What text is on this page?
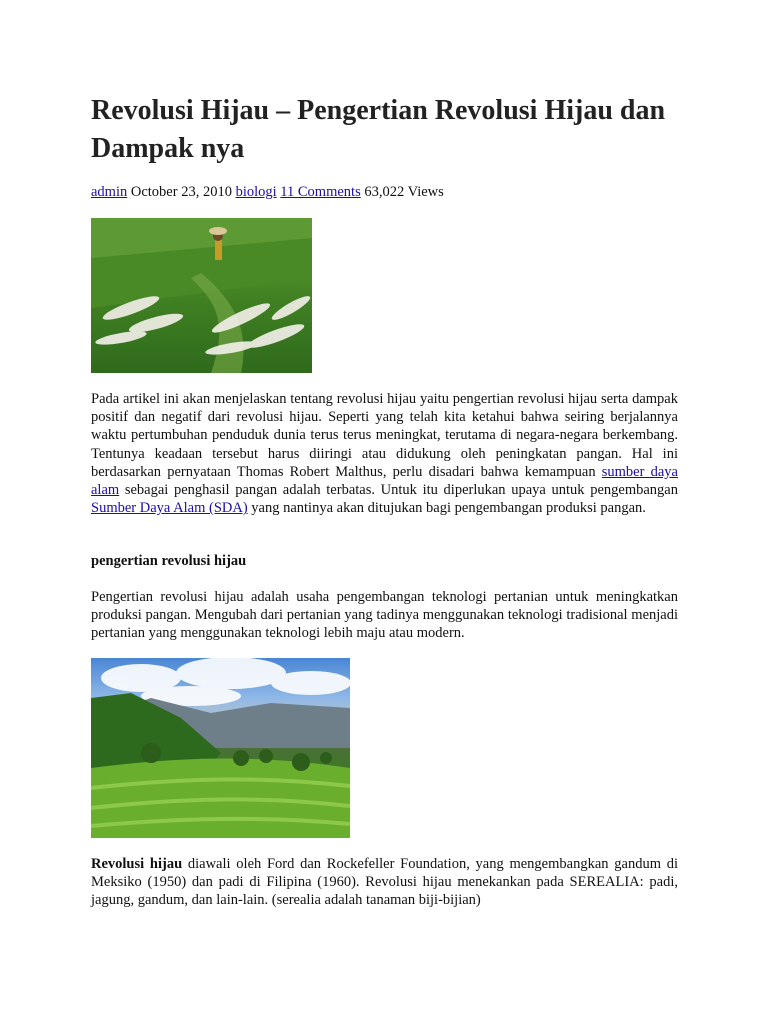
Revolusi Hijau – Pengertian Revolusi Hijau dan Dampak nya
admin October 23, 2010 biologi 11 Comments 63,022 Views

Pada artikel ini akan menjelaskan tentang revolusi hijau yaitu pengertian revolusi hijau serta dampak positif dan negatif dari revolusi hijau. Seperti yang telah kita ketahui bahwa seiring berjalannya waktu pertumbuhan penduduk dunia terus terus meningkat, terutama di negara-negara berkembang. Tentunya keadaan tersebut harus diiringi atau didukung oleh peningkatan pangan. Hal ini berdasarkan pernyataan Thomas Robert Malthus, perlu disadari bahwa kemampuan sumber daya alam sebagai penghasil pangan adalah terbatas. Untuk itu diperlukan upaya untuk pengembangan Sumber Daya Alam (SDA) yang nantinya akan ditujukan bagi pengembangan produksi pangan.

pengertian revolusi hijau

Pengertian revolusi hijau adalah usaha pengembangan teknologi pertanian untuk meningkatkan produksi pangan. Mengubah dari pertanian yang tadinya menggunakan teknologi tradisional menjadi pertanian yang menggunakan teknologi lebih maju atau modern.

Revolusi hijau diawali oleh Ford dan Rockefeller Foundation, yang mengembangkan gandum di Meksiko (1950) dan padi di Filipina (1960). Revolusi hijau menekankan pada SEREALIA: padi, jagung, gandum, dan lain-lain. (serealia adalah tanaman biji-bijian)
